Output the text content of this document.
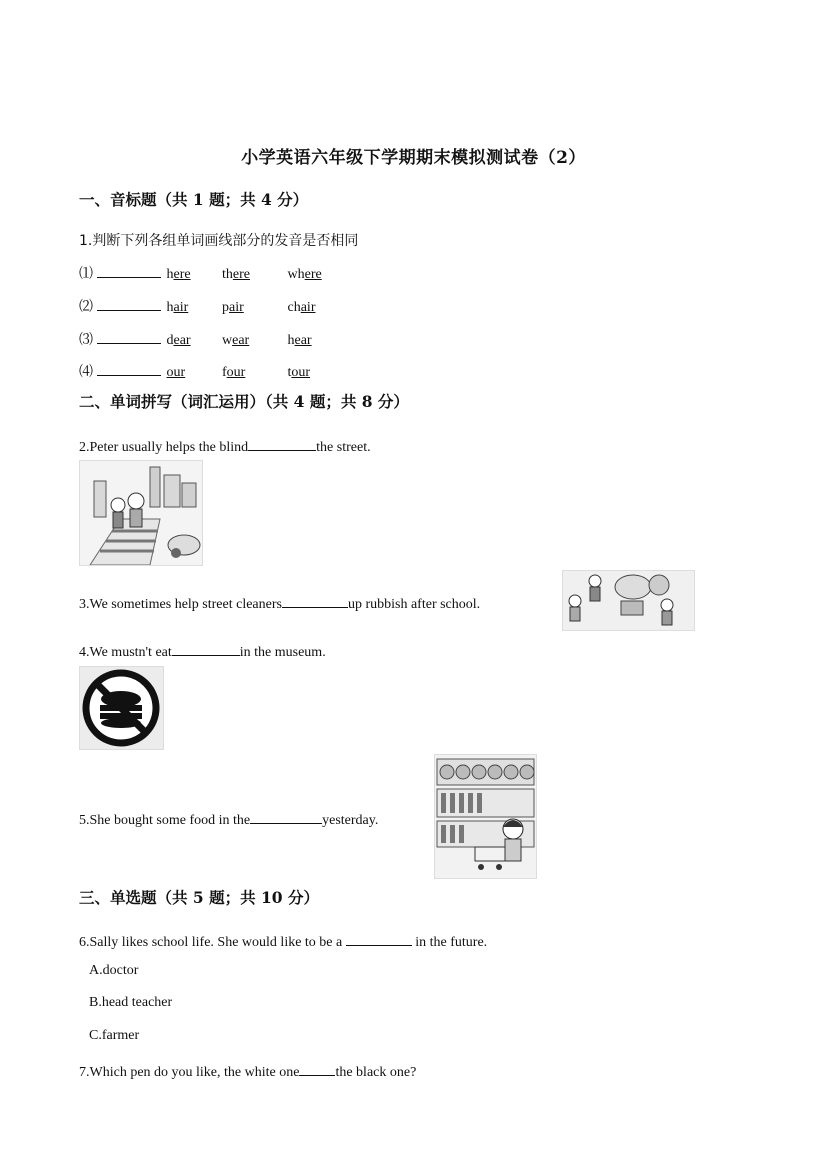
小学英语六年级下学期期末模拟测试卷（2）
一、音标题（共 1 题；共 4 分）
1.判断下列各组单词画线部分的发音是否相同
⑴	here there	where
⑵	hair pair	chair
⑶	dear wear	hear
⑷	our	four	tour
二、单词拼写（词汇运用）（共 4 题；共 8 分）
2.Peter usually helps the blind	the street.
3.We sometimes help street cleaners	up rubbish after school.
4.We mustn't eat	in the museum.
5.She bought some food in the	yesterday.
三、单选题（共 5 题；共 10 分）
6.Sally likes school life. She would like to be a	in the future.
A.doctor
B.head teacher
C.farmer
7.Which pen do you like, the white one	the black one?
